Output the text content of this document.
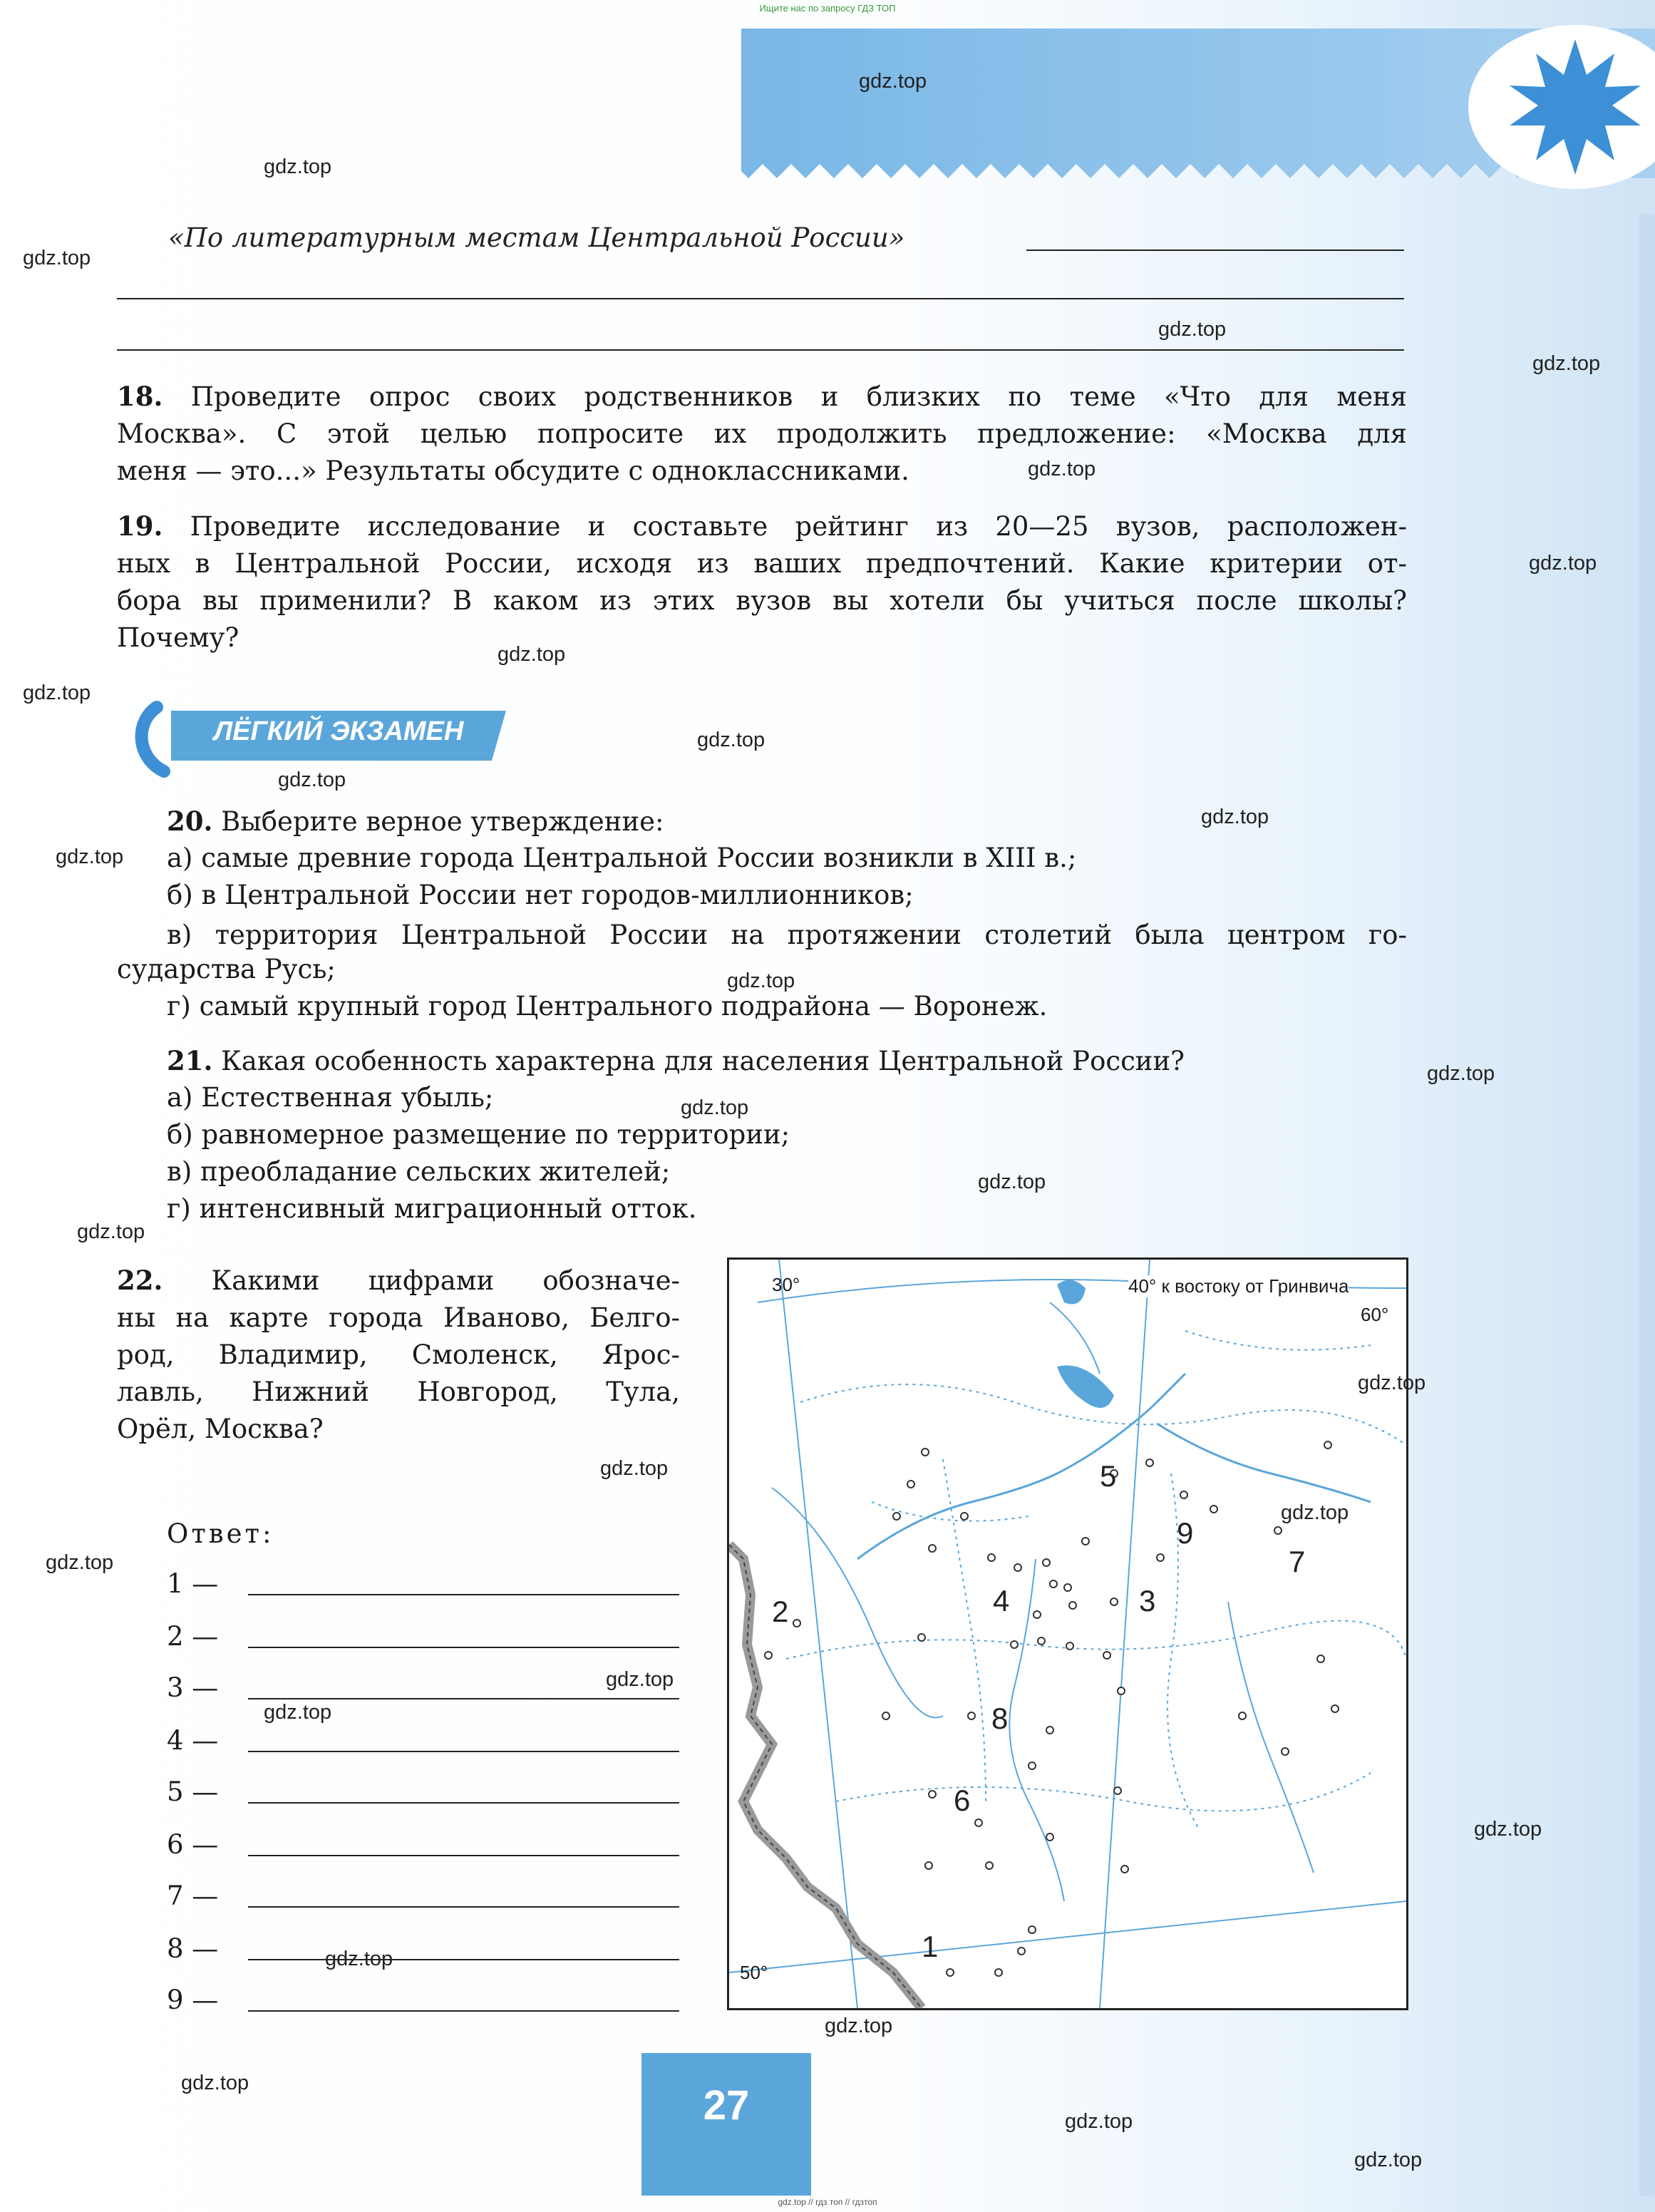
Ищите нас по запросу ГДЗ ТОП
«По литературным местам Центральной России»
18. Проведите опрос своих родственников и близких по теме «Что для меня
Москва». С этой целью попросите их продолжить предложение: «Москва для
меня — это...» Результаты обсудите с одноклассниками.
19. Проведите исследование и составьте рейтинг из 20—25 вузов, расположен-
ных в Центральной России, исходя из ваших предпочтений. Какие критерии от-
бора вы применили? В каком из этих вузов вы хотели бы учиться после школы?
Почему?
ЛЁГКИЙ ЭКЗАМЕН
20. Выберите верное утверждение:
а) самые древние города Центральной России возникли в XIII в.;
б) в Центральной России нет городов-миллионников;
в) территория Центральной России на протяжении столетий была центром го-
сударства Русь;
г) самый крупный город Центрального подрайона — Воронеж.
21. Какая особенность характерна для населения Центральной России?
а) Естественная убыль;
б) равномерное размещение по территории;
в) преобладание сельских жителей;
г) интенсивный миграционный отток.
22. Какими цифрами обозначе-
ны на карте города Иваново, Белго-
род, Владимир, Смоленск, Ярос-
лавль, Нижний Новгород, Тула,
Орёл, Москва?
Ответ:
1 —
2 —
3 —
4 —
5 —
6 —
7 —
8 —
9 —
40° к востоку от Гринвича
60°
30°
50°
1
2	3
4
5
6
7
8
9
27
gdz.top
gdz.top
gdz.top
gdz.top
gdz.top
gdz.top
gdz.top
gdz.top
gdz.top
gdz.top
gdz.top
gdz.top
gdz.top
gdz.top
gdz.top
gdz.top
gdz.top
gdz.top
gdz.top
gdz.top
gdz.top
gdz.top
gdz.top
gdz.top
gdz.top
gdz.top
gdz.top
gdz.top
gdz.top
gdz.top
gdz.top // гдз топ // гдзтоп
